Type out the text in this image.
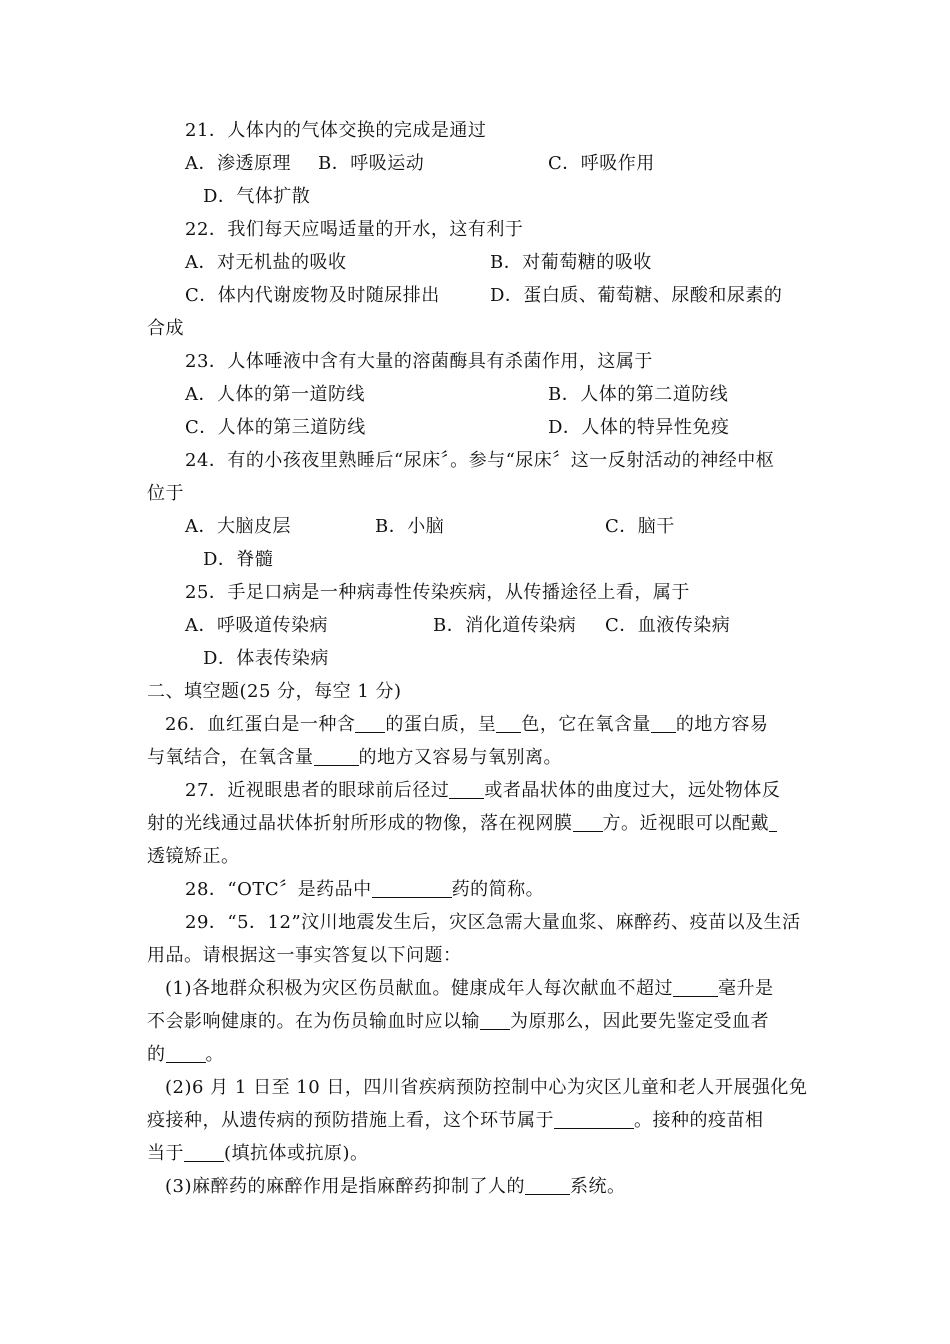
21．人体内的气体交换的完成是通过
A．渗透原理 B．呼吸运动	C．呼吸作用
D．气体扩散
22．我们每天应喝适量的开水，这有利于
A．对无机盐的吸收	B．对葡萄糖的吸收
C．体内代谢废物及时随尿排出	D．蛋白质、葡萄糖、尿酸和尿素的
合成
23．人体唾液中含有大量的溶菌酶具有杀菌作用，这属于
A．人体的第一道防线	B．人体的第二道防线
C．人体的第三道防线	D．人体的特异性免疫
24．有的小孩夜里熟睡后“尿床〞。参与“尿床〞这一反射活动的神经中枢
位于
A．大脑皮层	B．小脑	C．脑干
D．脊髓
25．手足口病是一种病毒性传染疾病，从传播途径上看，属于
A．呼吸道传染病	B．消化道传染病 C．血液传染病
D．体表传染病
二、填空题(25 分，每空 1 分)
26．血红蛋白是一种含 的蛋白质，呈 色，它在氧含量 的地方容易
与氧结合，在氧含量	的地方又容易与氧别离。
27．近视眼患者的眼球前后径过 或者晶状体的曲度过大，远处物体反
射的光线通过晶状体折射所形成的物像，落在视网膜 方。近视眼可以配戴
透镜矫正。
28．“OTC〞是药品中	药的简称。
29．“5．12”汶川地震发生后，灾区急需大量血浆、麻醉药、疫苗以及生活
用品。请根据这一事实答复以下问题：
(1)各地群众积极为灾区伤员献血。健康成年人每次献血不超过	毫升是
不会影响健康的。在为伤员输血时应以输 为原那么，因此要先鉴定受血者
的 。
(2)6 月 1 日至 10 日，四川省疾病预防控制中心为灾区儿童和老人开展强化免
疫接种，从遗传病的预防措施上看，这个环节属于	。接种的疫苗相
当于 (填抗体或抗原)。
(3)麻醉药的麻醉作用是指麻醉药抑制了人的	系统。
